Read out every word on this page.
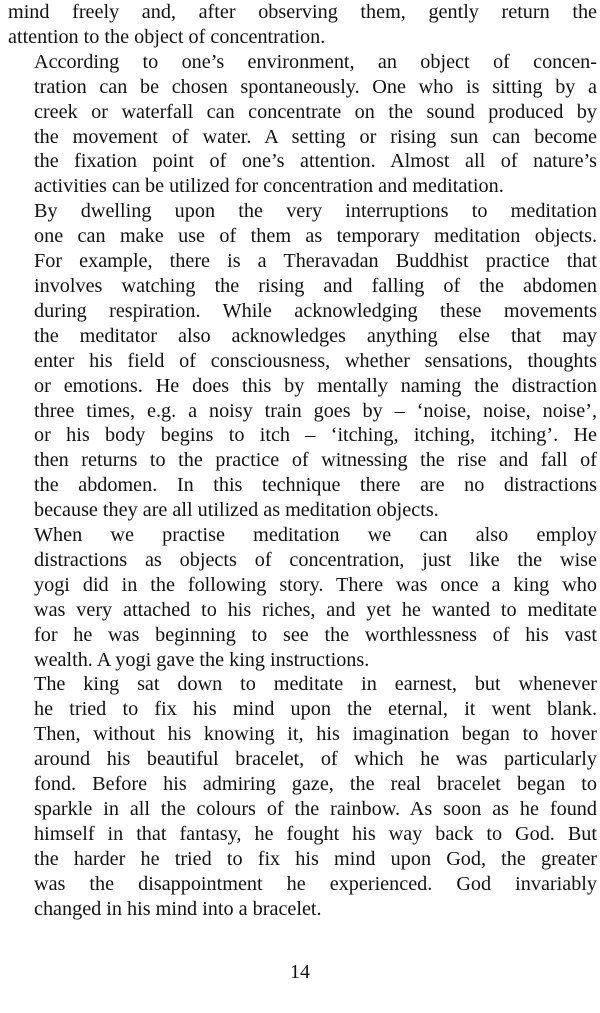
mind freely and, after observing them, gently return the
attention to the object of concentration.

According to one’s environment, an object of concen-
tration can be chosen spontaneously. One who is sitting by a
creek or waterfall can concentrate on the sound produced by
the movement of water. A setting or rising sun can become
the fixation point of one’s attention. Almost all of nature’s
activities can be utilized for concentration and meditation.

By dwelling upon the very interruptions to meditation
one can make use of them as temporary meditation objects.
For example, there is a Theravadan Buddhist practice that
involves watching the rising and falling of the abdomen
during respiration. While acknowledging these movements
the meditator also acknowledges anything else that may
enter his field of consciousness, whether sensations, thoughts
or emotions. He does this by mentally naming the distraction
three times, e.g. a noisy train goes by – ‘noise, noise, noise’,
or his body begins to itch – ‘itching, itching, itching’. He
then returns to the practice of witnessing the rise and fall of
the abdomen. In this technique there are no distractions
because they are all utilized as meditation objects.

When we practise meditation we can also employ
distractions as objects of concentration, just like the wise
yogi did in the following story. There was once a king who
was very attached to his riches, and yet he wanted to meditate
for he was beginning to see the worthlessness of his vast
wealth. A yogi gave the king instructions.

The king sat down to meditate in earnest, but whenever
he tried to fix his mind upon the eternal, it went blank.
Then, without his knowing it, his imagination began to hover
around his beautiful bracelet, of which he was particularly
fond. Before his admiring gaze, the real bracelet began to
sparkle in all the colours of the rainbow. As soon as he found
himself in that fantasy, he fought his way back to God. But
the harder he tried to fix his mind upon God, the greater
was the disappointment he experienced. God invariably
changed in his mind into a bracelet.

14
